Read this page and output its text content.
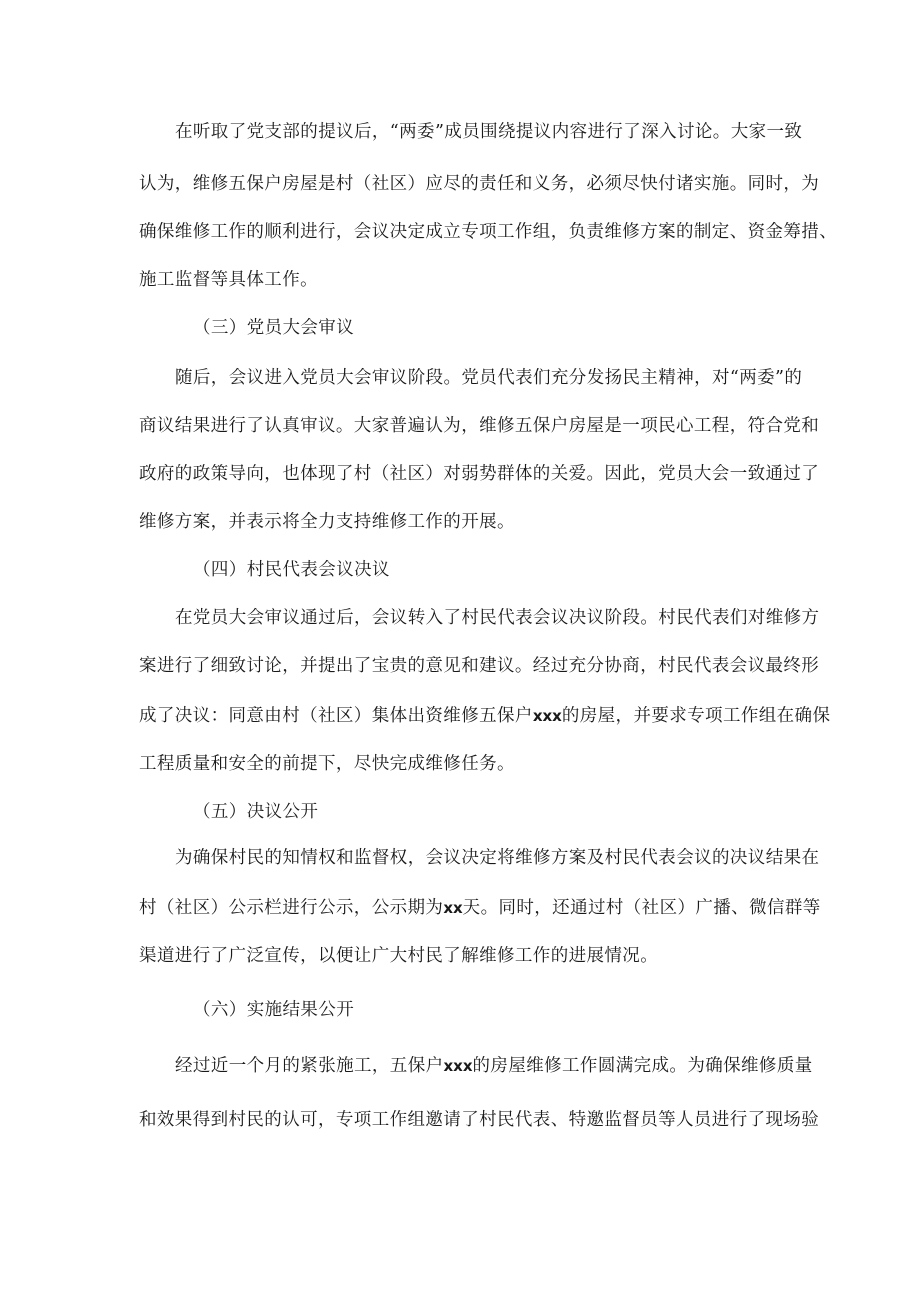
在听取了党支部的提议后，“两委”成员围绕提议内容进行了深入讨论。大家一致
认为，维修五保户房屋是村（社区）应尽的责任和义务，必须尽快付诸实施。同时，为
确保维修工作的顺利进行，会议决定成立专项工作组，负责维修方案的制定、资金筹措、
施工监督等具体工作。
（三）党员大会审议
随后，会议进入党员大会审议阶段。党员代表们充分发扬民主精神，对“两委”的
商议结果进行了认真审议。大家普遍认为，维修五保户房屋是一项民心工程，符合党和
政府的政策导向，也体现了村（社区）对弱势群体的关爱。因此，党员大会一致通过了
维修方案，并表示将全力支持维修工作的开展。
（四）村民代表会议决议
在党员大会审议通过后，会议转入了村民代表会议决议阶段。村民代表们对维修方
案进行了细致讨论，并提出了宝贵的意见和建议。经过充分协商，村民代表会议最终形
成了决议：同意由村（社区）集体出资维修五保户xxx的房屋，并要求专项工作组在确保
工程质量和安全的前提下，尽快完成维修任务。
（五）决议公开
为确保村民的知情权和监督权，会议决定将维修方案及村民代表会议的决议结果在
村（社区）公示栏进行公示，公示期为xx天。同时，还通过村（社区）广播、微信群等
渠道进行了广泛宣传，以便让广大村民了解维修工作的进展情况。
（六）实施结果公开
经过近一个月的紧张施工，五保户xxx的房屋维修工作圆满完成。为确保维修质量
和效果得到村民的认可，专项工作组邀请了村民代表、特邀监督员等人员进行了现场验
